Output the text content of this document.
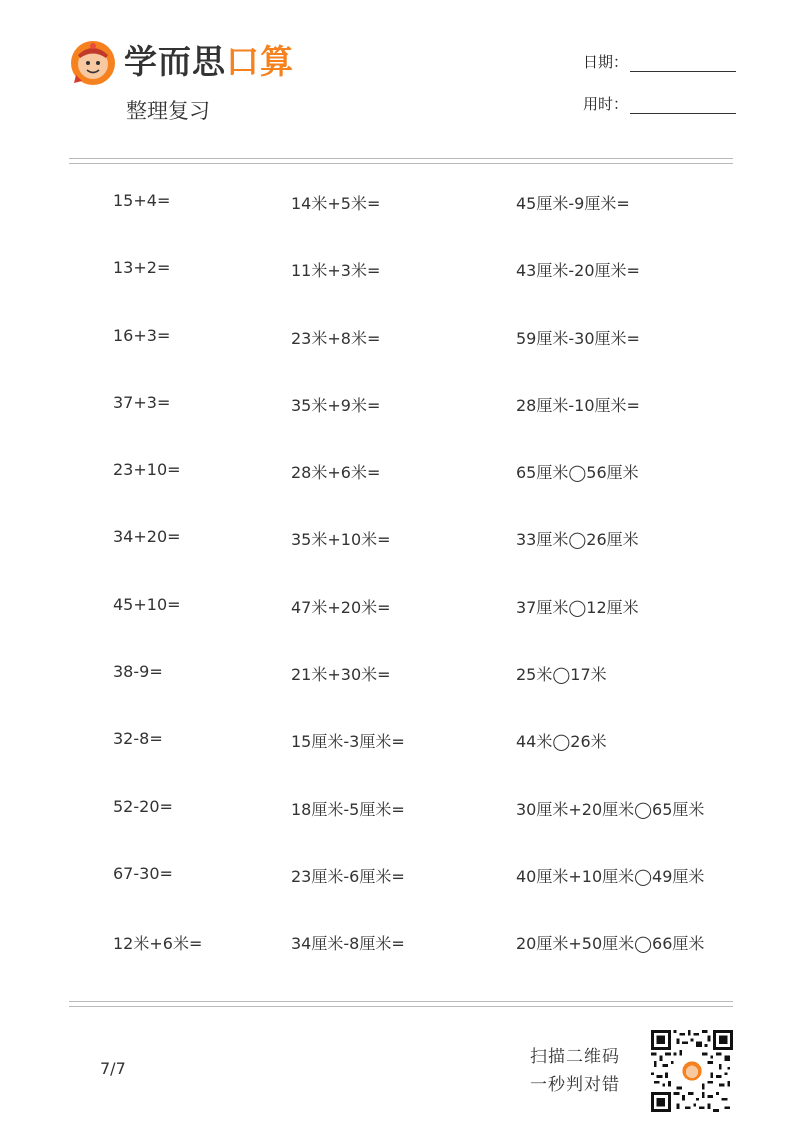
学而思口算
整理复习
日期：
用时：
15+4=	14米+5米=	45厘米-9厘米=
13+2=	11米+3米=	43厘米-20厘米=
16+3=	23米+8米=	59厘米-30厘米=
37+3=	35米+9米=	28厘米-10厘米=
23+10=	28米+6米=	65厘米◯56厘米
34+20=	35米+10米=	33厘米◯26厘米
45+10=	47米+20米=	37厘米◯12厘米
38-9=	21米+30米=	25米◯17米
32-8=	15厘米-3厘米=	44米◯26米
52-20=	18厘米-5厘米=	30厘米+20厘米◯65厘米
67-30=	23厘米-6厘米=	40厘米+10厘米◯49厘米
12米+6米=	34厘米-8厘米=	20厘米+50厘米◯66厘米
7/7
扫描二维码
一秒判对错
